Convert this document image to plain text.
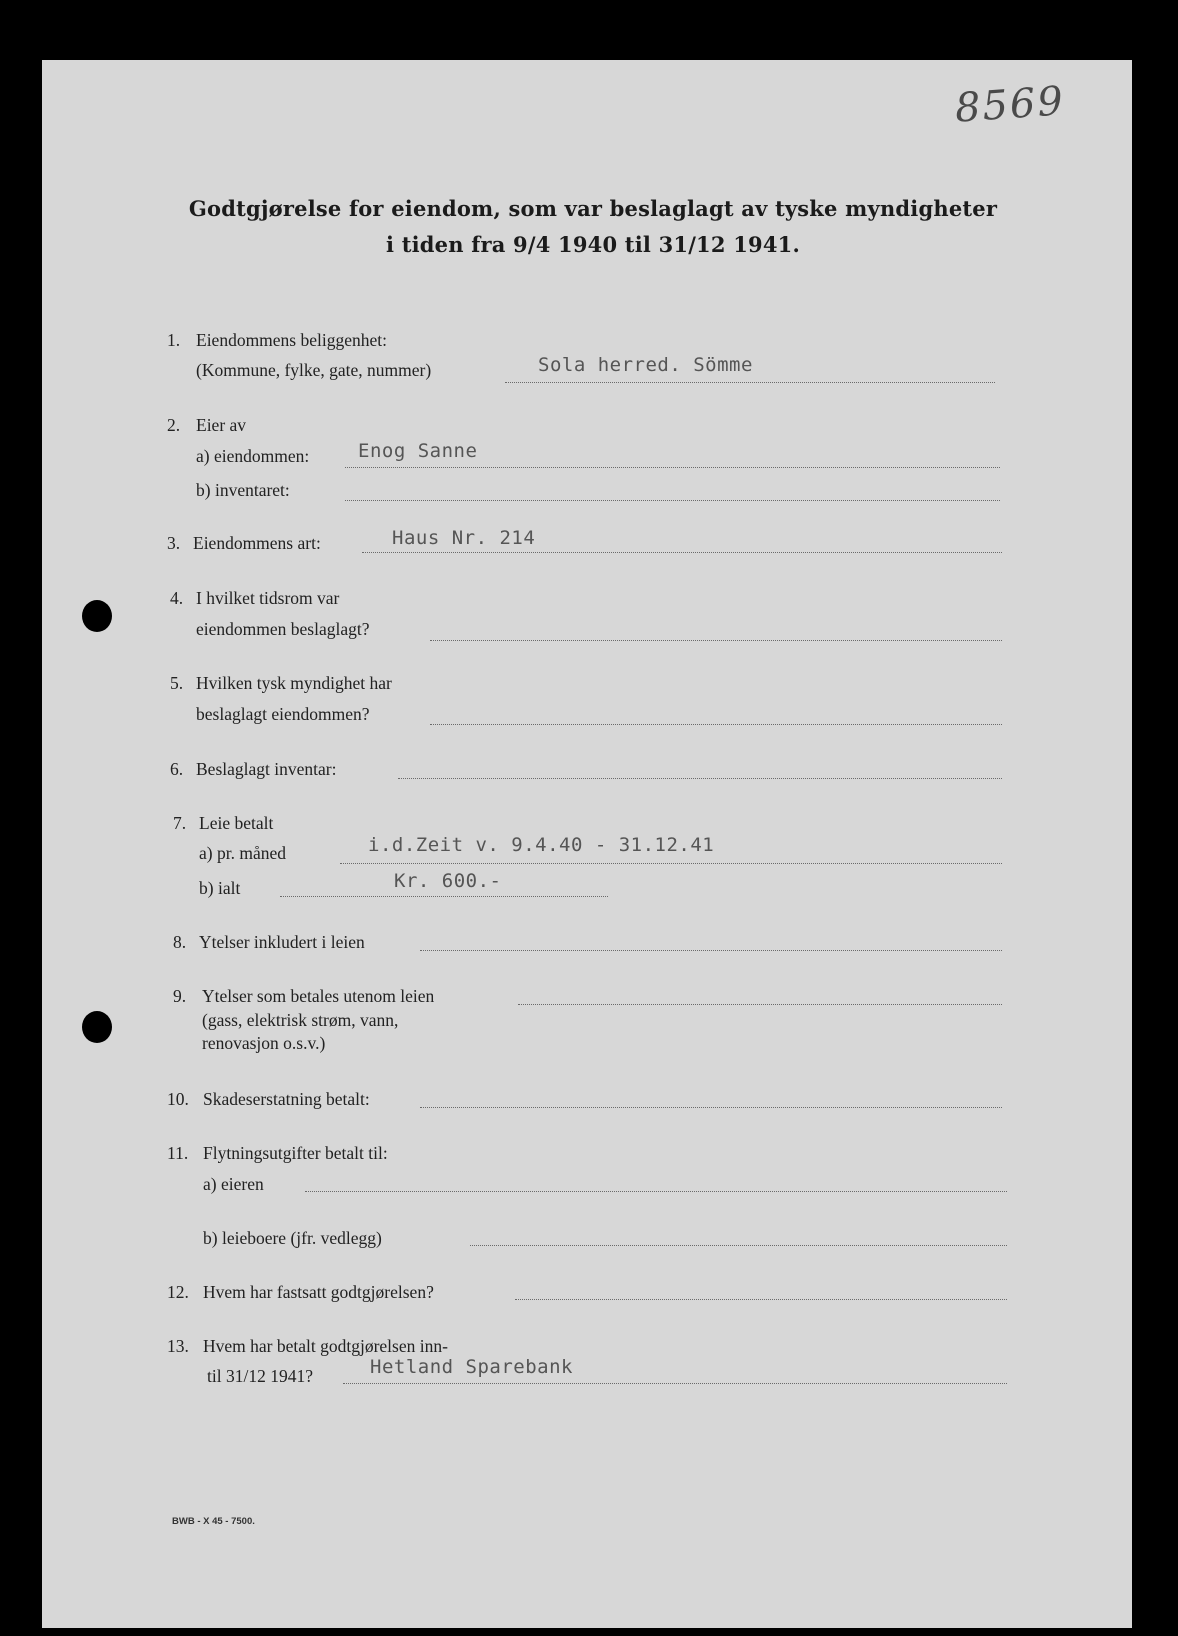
8569
Godtgjørelse for eiendom, som var beslaglagt av tyske myndigheter
i tiden fra 9/4 1940 til 31/12 1941.
1. Eiendommens beliggenhet:
(Kommune, fylke, gate, nummer)	Sola herred. Sömme
2. Eier av
a) eiendommen:	Enog Sanne
b) inventaret:
3. Eiendommens art:	Haus Nr. 214
4. I hvilket tidsrom var
eiendommen beslaglagt?
5. Hvilken tysk myndighet har
beslaglagt eiendommen?
6. Beslaglagt inventar:
7. Leie betalt
a) pr. måned	i.d.Zeit v. 9.4.40 - 31.12.41
b) ialt	Kr. 600.-
8. Ytelser inkludert i leien
9. Ytelser som betales utenom leien
(gass, elektrisk strøm, vann,
renovasjon o.s.v.)
10. Skadeserstatning betalt:
11. Flytningsutgifter betalt til:
a) eieren
b) leieboere (jfr. vedlegg)
12. Hvem har fastsatt godtgjørelsen?
13. Hvem har betalt godtgjørelsen inn-
til 31/12 1941?	Hetland Sparebank
BWB - X 45 - 7500.
